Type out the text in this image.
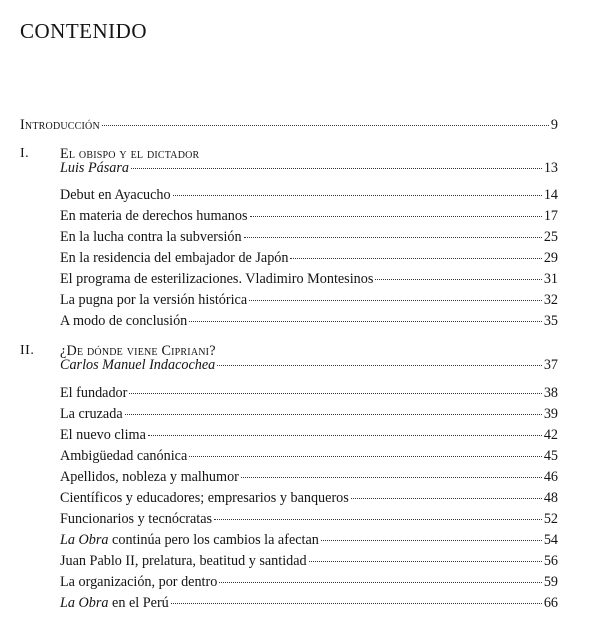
CONTENIDO
Introducción	9
I. El obispo y el dictador
Luis Pásara	13
Debut en Ayacucho	14
En materia de derechos humanos	17
En la lucha contra la subversión	25
En la residencia del embajador de Japón	29
El programa de esterilizaciones. Vladimiro Montesinos	31
La pugna por la versión histórica	32
A modo de conclusión	35
II. ¿De dónde viene Cipriani?
Carlos Manuel Indacochea	37
El fundador	38
La cruzada	39
El nuevo clima	42
Ambigüedad canónica	45
Apellidos, nobleza y malhumor	46
Científicos y educadores; empresarios y banqueros	48
Funcionarios y tecnócratas	52
La Obra continúa pero los cambios la afectan	54
Juan Pablo II, prelatura, beatitud y santidad	56
La organización, por dentro	59
La Obra en el Perú	66
